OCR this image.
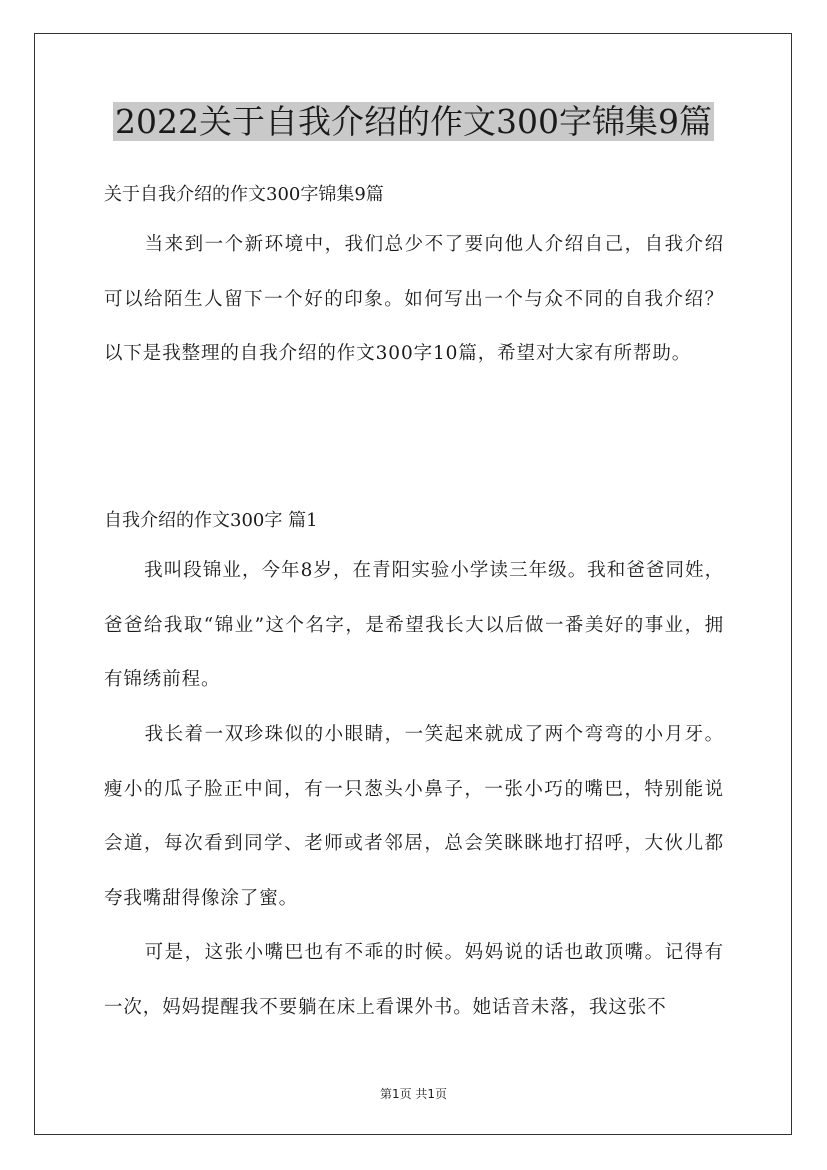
2022关于自我介绍的作文300字锦集9篇
关于自我介绍的作文300字锦集9篇

当来到一个新环境中，我们总少不了要向他人介绍自己，自我介绍可以给陌生人留下一个好的印象。如何写出一个与众不同的自我介绍？以下是我整理的自我介绍的作文300字10篇，希望对大家有所帮助。

自我介绍的作文300字 篇1

我叫段锦业，今年8岁，在青阳实验小学读三年级。我和爸爸同姓，爸爸给我取“锦业”这个名字，是希望我长大以后做一番美好的事业，拥有锦绣前程。

我长着一双珍珠似的小眼睛，一笑起来就成了两个弯弯的小月牙。瘦小的瓜子脸正中间，有一只葱头小鼻子，一张小巧的嘴巴，特别能说会道，每次看到同学、老师或者邻居，总会笑眯眯地打招呼，大伙儿都夸我嘴甜得像涂了蜜。

可是，这张小嘴巴也有不乖的时候。妈妈说的话也敢顶嘴。记得有一次，妈妈提醒我不要躺在床上看课外书。她话音未落，我这张不

第1页 共1页
